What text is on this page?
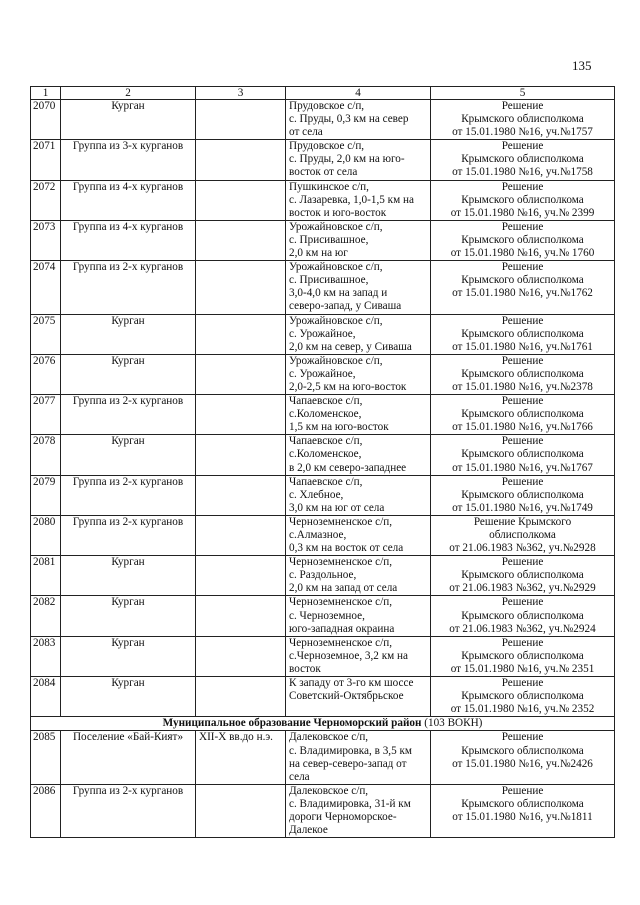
135
1	2	3	4	5
2070	Курган		Прудовское с/п,
с. Пруды, 0,3 км на север
от села	Решение
Крымского облисполкома
от 15.01.1980 №16, уч.№1757

2071	Группа из 3-х курганов		Прудовское с/п,
с. Пруды, 2,0 км на юго-
восток от села	Решение
Крымского облисполкома
от 15.01.1980 №16, уч.№1758

2072	Группа из 4-х курганов		Пушкинское с/п,
с. Лазаревка, 1,0-1,5 км на
восток и юго-восток	Решение
Крымского облисполкома
от 15.01.1980 №16, уч.№ 2399

2073	Группа из 4-х курганов		Урожайновское с/п,
с. Присивашное,
2,0 км на юг	Решение
Крымского облисполкома
от 15.01.1980 №16, уч.№ 1760

2074	Группа из 2-х курганов		Урожайновское с/п,
с. Присивашное,
3,0-4,0 км на запад и
северо-запад, у Сиваша	Решение
Крымского облисполкома
от 15.01.1980 №16, уч.№1762

2075	Курган		Урожайновское с/п,
с. Урожайное,
2,0 км на север, у Сиваша	Решение
Крымского облисполкома
от 15.01.1980 №16, уч.№1761

2076	Курган		Урожайновское с/п,
с. Урожайное,
2,0-2,5 км на юго-восток	Решение
Крымского облисполкома
от 15.01.1980 №16, уч.№2378

2077	Группа из 2-х курганов		Чапаевское с/п,
с.Коломенское,
1,5 км на юго-восток	Решение
Крымского облисполкома
от 15.01.1980 №16, уч.№1766

2078	Курган		Чапаевское с/п,
с.Коломенское,
в 2,0 км северо-западнее	Решение
Крымского облисполкома
от 15.01.1980 №16, уч.№1767

2079	Группа из 2-х курганов		Чапаевское с/п,
с. Хлебное,
3,0 км на юг от села	Решение
Крымского облисполкома
от 15.01.1980 №16, уч.№1749

2080	Группа из 2-х курганов		Черноземненское с/п,
с.Алмазное,
0,3 км на восток от села	Решение Крымского
облисполкома
от 21.06.1983 №362, уч.№2928

2081	Курган		Черноземненское с/п,
с. Раздольное,
2,0 км на запад от села	Решение
Крымского облисполкома
от 21.06.1983 №362, уч.№2929

2082	Курган		Черноземненское с/п,
с. Черноземное,
юго-западная окраина	Решение
Крымского облисполкома
от 21.06.1983 №362, уч.№2924

2083	Курган		Черноземненское с/п,
с.Черноземное, 3,2 км на
восток	Решение
Крымского облисполкома
от 15.01.1980 №16, уч.№ 2351

2084	Курган		К западу от 3-го км шоссе
Советский-Октябрьское	Решение
Крымского облисполкома
от 15.01.1980 №16, уч.№ 2352

Муниципальное образование Черноморский район (103 ВОКН)				
2085	Поселение «Бай-Кият»	XII-X вв.до н.э.	Далековское с/п,
с. Владимировка, в 3,5 км
на север-северо-запад от
села	Решение
Крымского облисполкома
от 15.01.1980 №16, уч.№2426

2086	Группа из 2-х курганов		Далековское с/п,
с. Владимировка, 31-й км
дороги Черноморское-
Далекое	Решение
Крымского облисполкома
от 15.01.1980 №16, уч.№1811
